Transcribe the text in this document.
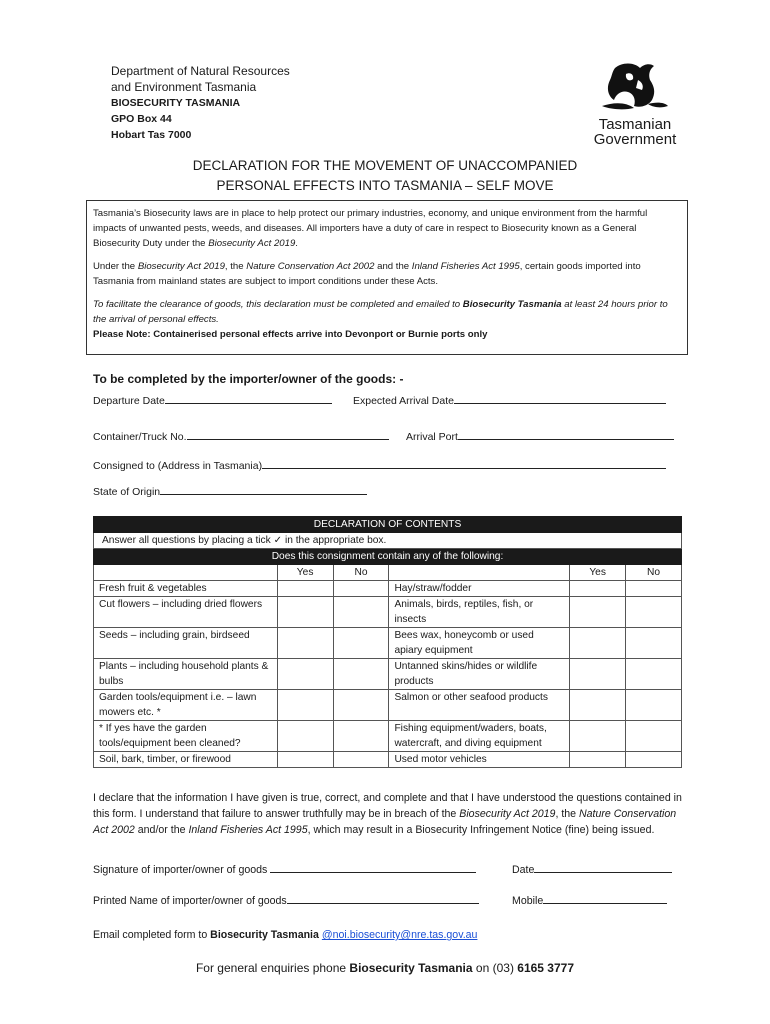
Department of Natural Resources
and Environment Tasmania
BIOSECURITY TASMANIA
GPO Box 44
Hobart Tas 7000
Tasmanian
Government
DECLARATION FOR THE MOVEMENT OF UNACCOMPANIED
PERSONAL EFFECTS INTO TASMANIA – SELF MOVE

Tasmania’s Biosecurity laws are in place to help protect our primary industries, economy, and unique environment from the harmful impacts of unwanted pests, weeds, and diseases. All importers have a duty of care in respect to Biosecurity known as a General Biosecurity Duty under the Biosecurity Act 2019.

Under the Biosecurity Act 2019, the Nature Conservation Act 2002 and the Inland Fisheries Act 1995, certain goods imported into Tasmania from mainland states are subject to import conditions under these Acts.

To facilitate the clearance of goods, this declaration must be completed and emailed to Biosecurity Tasmania at least 24 hours prior to the arrival of personal effects.

Please Note: Containerised personal effects arrive into Devonport or Burnie ports only

To be completed by the importer/owner of the goods: -
Departure Date	Expected Arrival Date
Container/Truck No.	Arrival Port
Consigned to (Address in Tasmania)
State of Origin
DECLARATION OF CONTENTS					
Answer all questions by placing a tick ✓ in the appropriate box.					
Does this consignment contain any of the following:					
	Yes	No		Yes	No
Fresh fruit & vegetables			Hay/straw/fodder		
Cut flowers – including dried flowers			Animals, birds, reptiles, fish, or insects		
Seeds – including grain, birdseed			Bees wax, honeycomb or used apiary equipment		
Plants – including household plants & bulbs			Untanned skins/hides or wildlife products		
Garden tools/equipment i.e. – lawn mowers etc. *			Salmon or other seafood products		
* If yes have the garden tools/equipment been cleaned?			Fishing equipment/waders, boats, watercraft, and diving equipment		
Soil, bark, timber, or firewood			Used motor vehicles		
I declare that the information I have given is true, correct, and complete and that I have understood the questions contained in this form. I understand that failure to answer truthfully may be in breach of the Biosecurity Act 2019, the Nature Conservation Act 2002 and/or the Inland Fisheries Act 1995, which may result in a Biosecurity Infringement Notice (fine) being issued.
Signature of importer/owner of goods	Date
Printed Name of importer/owner of goods	Mobile
Email completed form to Biosecurity Tasmania @noi.biosecurity@nre.tas.gov.au
For general enquiries phone Biosecurity Tasmania on (03) 6165 3777
